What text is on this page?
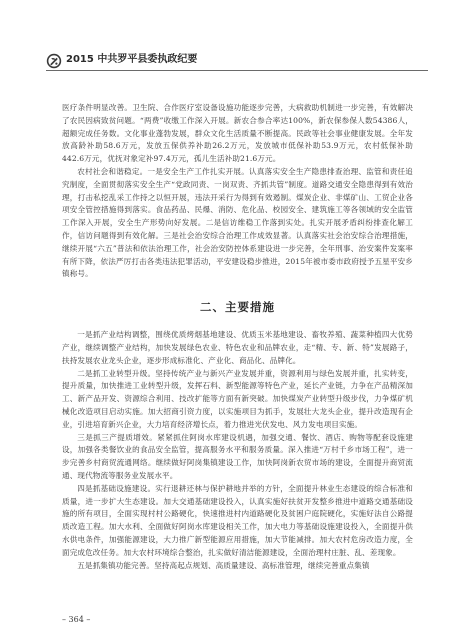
2015 中共罗平县委执政纪要

医疗条件明显改善。卫生院、合作医疗室设备设施功能逐步完善，大病救助机制进一步完善，有效解决了农民因病致贫问题。“两费”收缴工作深入开展。新农合参合率达100%，新农保参保人数54386人，超额完成任务数。文化事业蓬勃发展，群众文化生活质量不断提高。民政等社会事业健康发展。全年发放高龄补助58.6万元，发放五保供养补助26.2万元，发放城市低保补助53.9万元，农村低保补助442.6万元，优抚对象定补97.4万元，孤儿生活补助21.6万元。

农村社会和谐稳定。一是安全生产工作扎实开展。认真落实安全生产隐患排查治理、监管和责任追究制度，全面贯彻落实安全生产“党政同责、一岗双责、齐抓共管”制度。道路交通安全隐患得到有效治理，打击私挖乱采工作持之以恒开展，违法开采行为得到有效遏制。煤炭企业、非煤矿山、工贸企业各项安全管控措施得到落实。食品药品、民爆、消防、危化品、校园安全、建筑施工等各领域的安全监管工作深入开展，安全生产形势向好发展。二是信访维稳工作落到实处。扎实开展矛盾纠纷排查化解工作，信访问题得到有效化解。三是社会治安综合治理工作成效显著。认真落实社会治安综合治理措施，继续开展“六五”普法和依法治理工作，社会治安防控体系建设进一步完善，全年刑事、治安案件发案率有所下降，依法严厉打击各类违法犯罪活动，平安建设稳步推进，2015年被市委市政府授予五星平安乡镇称号。

二、主要措施

一是抓产业结构调整，围绕优质烤烟基地建设、优质玉米基地建设、畜牧养殖、蔬菜种植四大优势产业，继续调整产业结构，加快发展绿色农业、特色农业和品牌农业，走“精、专、新、特”发展路子，扶持发展农业龙头企业，逐步形成标准化、产业化、商品化、品牌化。

二是抓工业转型升级。坚持传统产业与新兴产业发展并重，资源利用与绿色发展并重，扎实转变，提升质量，加快推进工业转型升级，发挥石料、新型能源等特色产业，延长产业链，力争在产品精深加工、新产品开发、资源综合利用、技改扩能等方面有新突破。加快煤炭产业转型升级步伐，力争煤矿机械化改造项目启动实施。加大招商引资力度，以实施项目为抓手，发展壮大龙头企业，提升改造现有企业，引进培育新兴企业，大力培育经济增长点，着力推进光伏发电、风力发电项目实施。

三是抓三产提质增效。紧紧抓住阿岗水库建设机遇，加强交通、餐饮、酒店、购物等配套设施建设，加强各类餐饮业的食品安全监管，提高服务水平和服务质量。深入推进“万村千乡市场工程”，进一步完善乡村商贸流通网络。继续做好阿岗集镇建设工作，加快阿岗新农贸市场的建设，全面提升商贸流通、现代物流等服务业发展水平。

四是抓基础设施建设。实行退耕还林与保护耕地并举的方针，全面提升林业生态建设的综合标准和质量，进一步扩大生态建设。加大交通基础建设投入，认真实施好扶贫开发整乡推进中道路交通基础设施的所有项目，全面实现村村公路硬化，快速推进村内道路硬化及贫困户庭院硬化，实施好法自公路提质改造工程。加大水利、全面做好阿岗水库建设相关工作，加大电力等基础设施建设投入，全面提升供水供电条件，加强能源建设，大力推广新型能源应用措施，加大节能减排。加大农村危房改造力度，全面完成危改任务。加大农村环境综合整治，扎实做好清洁能源建设，全面治理村庄脏、乱、差现象。

五是抓集镇功能完善。坚持高起点规划、高质量建设、高标准管理，继续完善重点集镇

– 364 –
